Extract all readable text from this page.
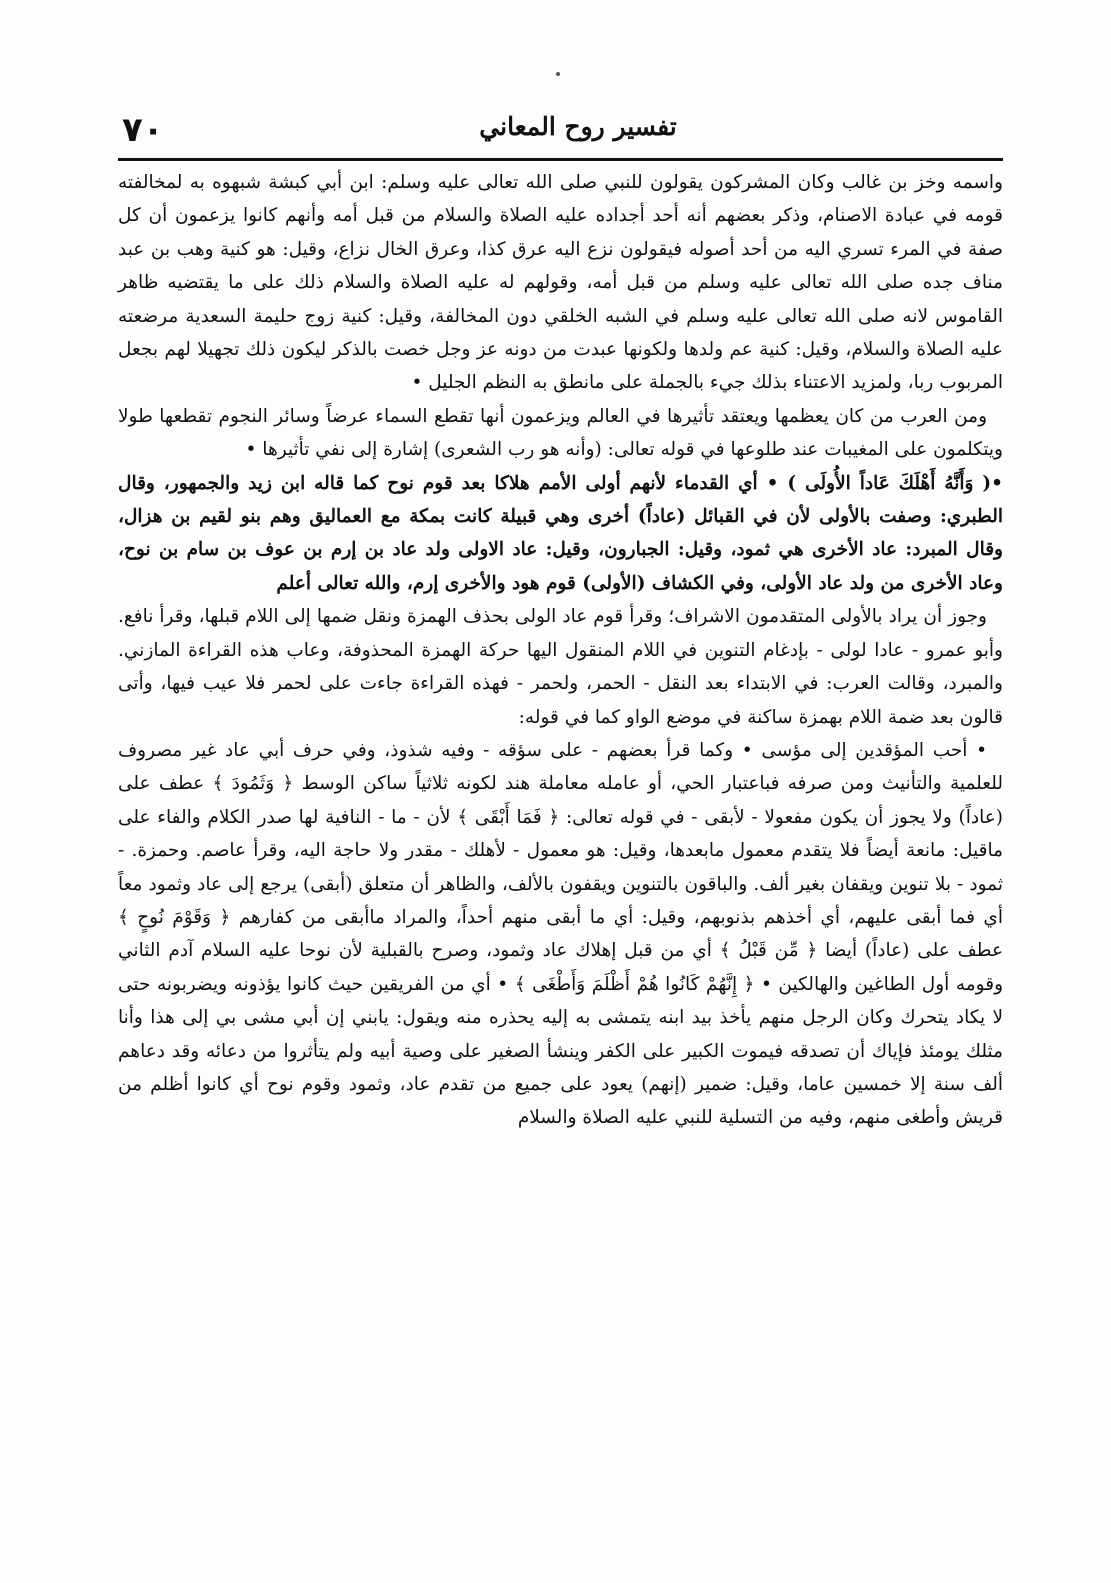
٧٠	تفسير روح المعاني

واسمه وخز بن غالب وكان المشركون يقولون للنبي صلى الله تعالى عليه وسلم: ابن أبي كبشة شبهوه به لمخالفته قومه في عبادة الاصنام، وذكر بعضهم أنه أحد أجداده عليه الصلاة والسلام من قبل أمه وأنهم كانوا يزعمون أن كل صفة في المرء تسري اليه من أحد أصوله فيقولون نزع اليه عرق كذا، وعرق الخال نزاع، وقيل: هو كنية وهب بن عبد مناف جده صلى الله تعالى عليه وسلم من قبل أمه، وقولهم له عليه الصلاة والسلام ذلك على ما يقتضيه ظاهر القاموس لانه صلى الله تعالى عليه وسلم في الشبه الخلقي دون المخالفة، وقيل: كنية زوج حليمة السعدية مرضعته عليه الصلاة والسلام، وقيل: كنية عم ولدها ولكونها عبدت من دونه عز وجل خصت بالذكر ليكون ذلك تجهيلا لهم بجعل المربوب ربا، ولمزيد الاعتناء بذلك جيء بالجملة على مانطق به النظم الجليل •

ومن العرب من كان يعظمها ويعتقد تأثيرها في العالم ويزعمون أنها تقطع السماء عرضاً وسائر النجوم تقطعها طولا ويتكلمون على المغيبات عند طلوعها في قوله تعالى: (وأنه هو رب الشعرى) إشارة إلى نفي تأثيرها •

•( وَأَنَّهُ أَهْلَكَ عَاداً الأُولَى ) • أي القدماء لأنهم أولى الأمم هلاكا بعد قوم نوح كما قاله ابن زيد والجمهور، وقال الطبري: وصفت بالأولى لأن في القبائل (عاداً) أخرى وهي قبيلة كانت بمكة مع العماليق وهم بنو لقيم بن هزال، وقال المبرد: عاد الأخرى هي ثمود، وقيل: الجبارون، وقيل: عاد الاولى ولد عاد بن إرم بن عوف بن سام بن نوح، وعاد الأخرى من ولد عاد الأولى، وفي الكشاف (الأولى) قوم هود والأخرى إرم، والله تعالى أعلم

وجوز أن يراد بالأولى المتقدمون الاشراف؛ وقرأ قوم عاد الولى بحذف الهمزة ونقل ضمها إلى اللام قبلها، وقرأ نافع. وأبو عمرو - عادا لولى - بإدغام التنوين في اللام المنقول اليها حركة الهمزة المحذوفة، وعاب هذه القراءة المازني. والمبرد، وقالت العرب: في الابتداء بعد النقل - الحمر، ولحمر - فهذه القراءة جاءت على لحمر فلا عيب فيها، وأتى قالون بعد ضمة اللام بهمزة ساكنة في موضع الواو كما في قوله:

• أحب المؤقدين إلى مؤسى • وكما قرأ بعضهم - على سؤقه - وفيه شذوذ، وفي حرف أبي عاد غير مصروف للعلمية والتأنيث ومن صرفه فباعتبار الحي، أو عامله معاملة هند لكونه ثلاثياً ساكن الوسط ﴿ وَثَمُودَ ﴾ عطف على (عاداً) ولا يجوز أن يكون مفعولا - لأبقى - في قوله تعالى: ﴿ فَمَا أَبْقَى ﴾ لأن - ما - النافية لها صدر الكلام والفاء على ماقيل: مانعة أيضاً فلا يتقدم معمول مابعدها، وقيل: هو معمول - لأهلك - مقدر ولا حاجة اليه، وقرأ عاصم. وحمزة. - ثمود - بلا تنوين ويقفان بغير ألف. والباقون بالتنوين ويقفون بالألف، والظاهر أن متعلق (أبقى) يرجع إلى عاد وثمود معاً أي فما أبقى عليهم، أي أخذهم بذنوبهم، وقيل: أي ما أبقى منهم أحداً، والمراد ماأبقى من كفارهم ﴿ وَقَوْمَ نُوحٍ ﴾ عطف على (عاداً) أيضا ﴿ مِّن قَبْلُ ﴾ أي من قبل إهلاك عاد وثمود، وصرح بالقبلية لأن نوحا عليه السلام آدم الثاني وقومه أول الطاغين والهالكين • ﴿ إِنَّهُمْ كَانُوا هُمْ أَظْلَمَ وَأَطْغَى ﴾ • أي من الفريقين حيث كانوا يؤذونه ويضربونه حتى لا يكاد يتحرك وكان الرجل منهم يأخذ بيد ابنه يتمشى به إليه يحذره منه ويقول: يابني إن أبي مشى بي إلى هذا وأنا مثلك يومئذ فإياك أن تصدقه فيموت الكبير على الكفر وينشأ الصغير على وصية أبيه ولم يتأثروا من دعائه وقد دعاهم ألف سنة إلا خمسين عاما، وقيل: ضمير (إنهم) يعود على جميع من تقدم عاد، وثمود وقوم نوح أي كانوا أظلم من قريش وأطغى منهم، وفيه من التسلية للنبي عليه الصلاة والسلام
